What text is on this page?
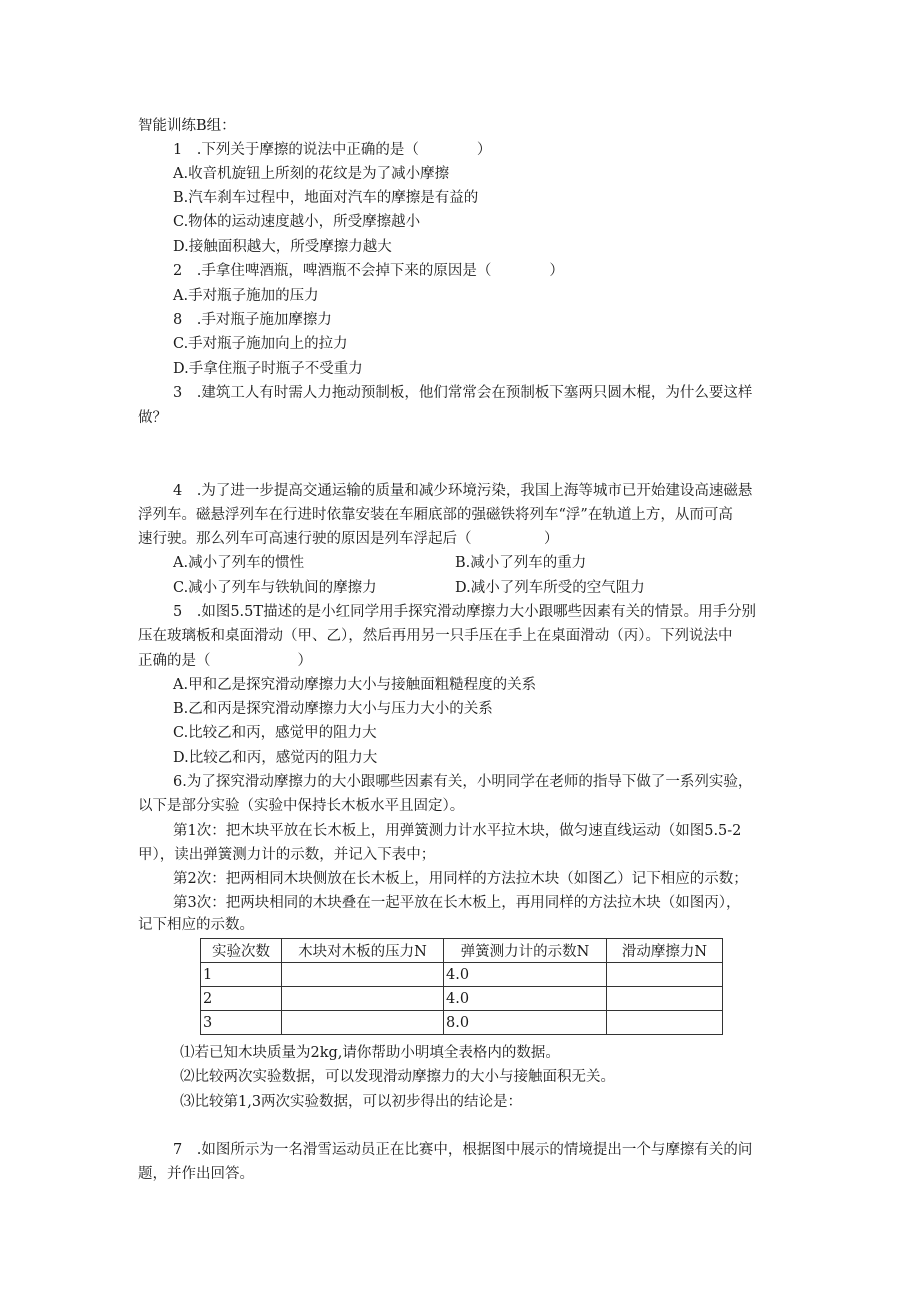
智能训练B组：
1　.下列关于摩擦的说法中正确的是（　　　　）
A.收音机旋钮上所刻的花纹是为了减小摩擦
B.汽车刹车过程中，地面对汽车的摩擦是有益的
C.物体的运动速度越小，所受摩擦越小
D.接触面积越大，所受摩擦力越大
2　.手拿住啤酒瓶，啤酒瓶不会掉下来的原因是（　　　　）
A.手对瓶子施加的压力
8　.手对瓶子施加摩擦力
C.手对瓶子施加向上的拉力
D.手拿住瓶子时瓶子不受重力
3　.建筑工人有时需人力拖动预制板，他们常常会在预制板下塞两只圆木棍，为什么要这样
做？
4　.为了进一步提高交通运输的质量和减少环境污染，我国上海等城市已开始建设高速磁悬
浮列车。磁悬浮列车在行进时依靠安装在车厢底部的强磁铁将列车“浮”在轨道上方，从而可高
速行驶。那么列车可高速行驶的原因是列车浮起后（　　　　　）
A.减小了列车的惯性	B.减小了列车的重力
C.减小了列车与铁轨间的摩擦力	D.减小了列车所受的空气阻力
5　.如图5.5T描述的是小红同学用手探究滑动摩擦力大小跟哪些因素有关的情景。用手分别
压在玻璃板和桌面滑动（甲、乙），然后再用另一只手压在手上在桌面滑动（丙）。下列说法中
正确的是（　　　　　　）
A.甲和乙是探究滑动摩擦力大小与接触面粗糙程度的关系
B.乙和丙是探究滑动摩擦力大小与压力大小的关系
C.比较乙和丙，感觉甲的阻力大
D.比较乙和丙，感觉丙的阻力大
6.为了探究滑动摩擦力的大小跟哪些因素有关，小明同学在老师的指导下做了一系列实验，
以下是部分实验（实验中保持长木板水平且固定）。
第1次：把木块平放在长木板上，用弹簧测力计水平拉木块，做匀速直线运动（如图5.5-2
甲），读出弹簧测力计的示数，并记入下表中；
第2次：把两相同木块侧放在长木板上，用同样的方法拉木块（如图乙）记下相应的示数；
第3次：把两块相同的木块叠在一起平放在长木板上，再用同样的方法拉木块（如图丙），
记下相应的示数。
实验次数	木块对木板的压力N	弹簧测力计的示数N	滑动摩擦力N
1		4.0	
2		4.0	
3		8.0	
⑴若已知木块质量为2kg,请你帮助小明填全表格内的数据。
⑵比较两次实验数据，可以发现滑动摩擦力的大小与接触面积无关。
⑶比较第1,3两次实验数据，可以初步得出的结论是：
7　.如图所示为一名滑雪运动员正在比赛中，根据图中展示的情境提出一个与摩擦有关的问
题，并作出回答。
